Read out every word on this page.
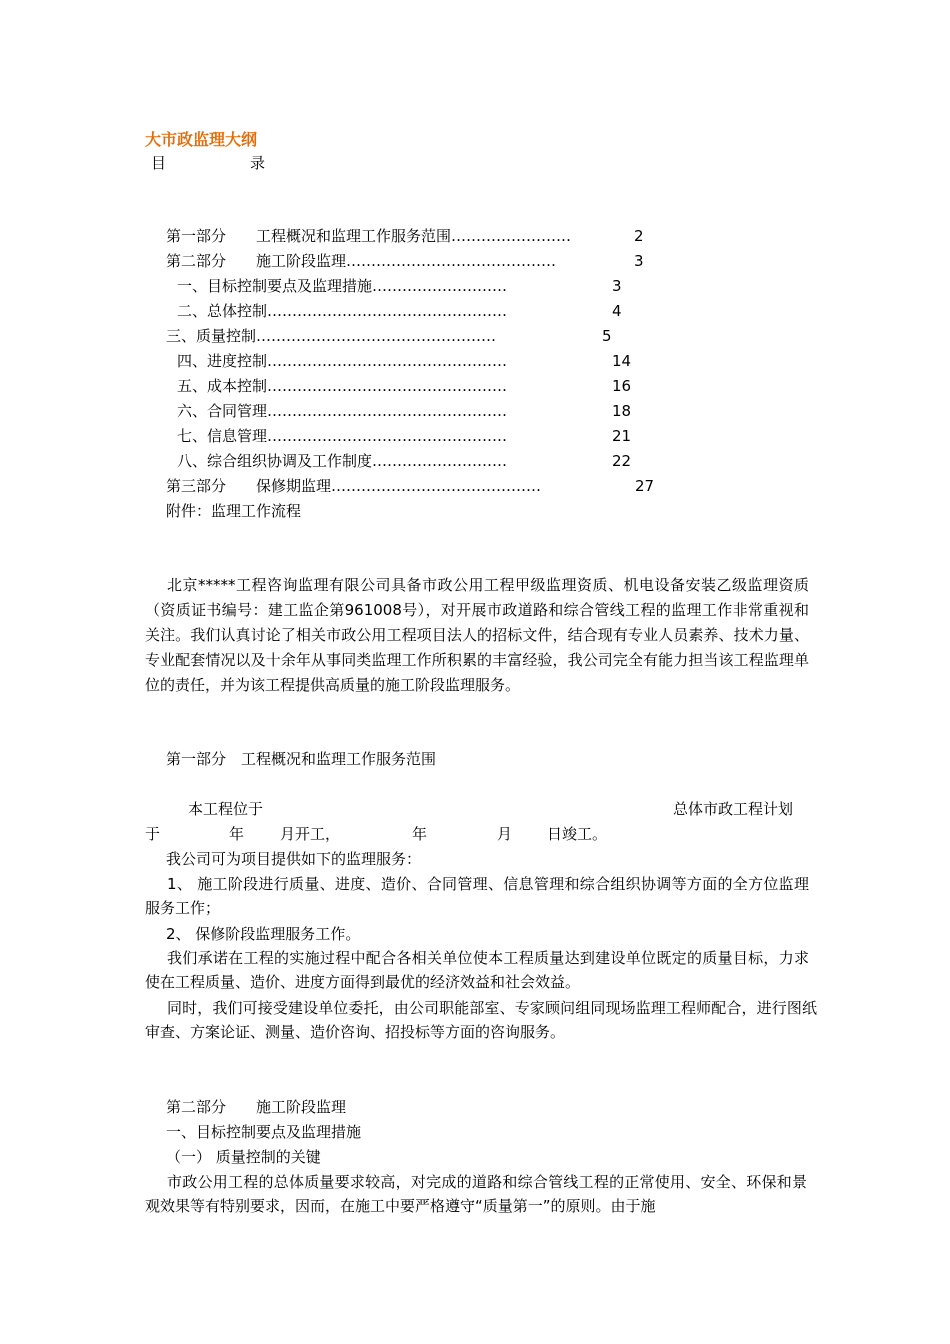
大市政监理大纲
目	录
第一部分　　工程概况和监理工作服务范围……………………	2
第二部分　　施工阶段监理……………………………………	3
一、目标控制要点及监理措施………………………	3
二、总体控制…………………………………………	4
三、质量控制…………………………………………	5
四、进度控制…………………………………………	14
五、成本控制…………………………………………	16
六、合同管理…………………………………………	18
七、信息管理…………………………………………	21
八、综合组织协调及工作制度………………………	22
第三部分　　保修期监理……………………………………	27
附件：监理工作流程
北京*****工程咨询监理有限公司具备市政公用工程甲级监理资质、机电设备安装乙级监理资质（资质证书编号：建工监企第961008号），对开展市政道路和综合管线工程的监理工作非常重视和关注。我们认真讨论了相关市政公用工程项目法人的招标文件，结合现有专业人员素养、技术力量、专业配套情况以及十余年从事同类监理工作所积累的丰富经验，我公司完全有能力担当该工程监理单位的责任，并为该工程提供高质量的施工阶段监理服务。
第一部分　工程概况和监理工作服务范围
本工程位于	总体市政工程计划
于	年 月开工，	年	月 日竣工。
我公司可为项目提供如下的监理服务：
1、 施工阶段进行质量、进度、造价、合同管理、信息管理和综合组织协调等方面的全方位监理服务工作；
2、 保修阶段监理服务工作。
我们承诺在工程的实施过程中配合各相关单位使本工程质量达到建设单位既定的质量目标，力求使在工程质量、造价、进度方面得到最优的经济效益和社会效益。
同时，我们可接受建设单位委托，由公司职能部室、专家顾问组同现场监理工程师配合，进行图纸审查、方案论证、测量、造价咨询、招投标等方面的咨询服务。
第二部分　　施工阶段监理
一、目标控制要点及监理措施
（一） 质量控制的关键
市政公用工程的总体质量要求较高，对完成的道路和综合管线工程的正常使用、安全、环保和景观效果等有特别要求，因而，在施工中要严格遵守“质量第一”的原则。由于施
